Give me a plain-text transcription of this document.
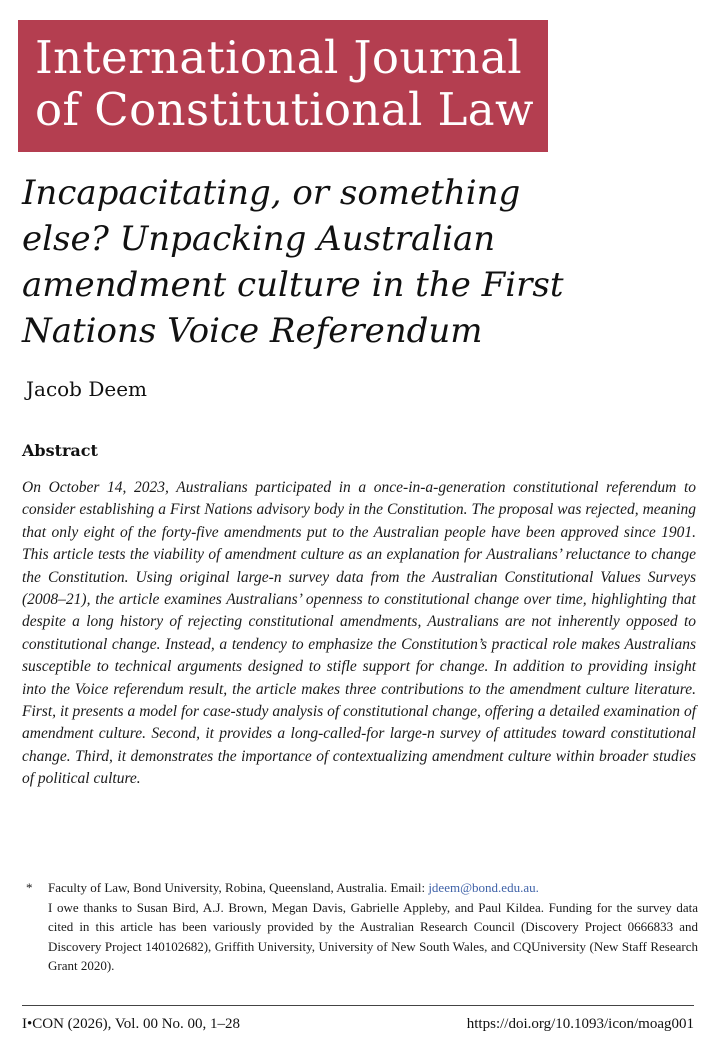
International Journal
of Constitutional Law
Incapacitating, or something else? Unpacking Australian amendment culture in the First Nations Voice Referendum
Jacob Deem
Abstract

On October 14, 2023, Australians participated in a once-in-a-generation constitutional referendum to consider establishing a First Nations advisory body in the Constitution. The proposal was rejected, meaning that only eight of the forty-five amendments put to the Australian people have been approved since 1901. This article tests the viability of amendment culture as an explanation for Australians’ reluctance to change the Constitution. Using original large-n survey data from the Australian Constitutional Values Surveys (2008–21), the article examines Australians’ openness to constitutional change over time, highlighting that despite a long history of rejecting constitutional amendments, Australians are not inherently opposed to constitutional change. Instead, a tendency to emphasize the Constitution’s practical role makes Australians susceptible to technical arguments designed to stifle support for change. In addition to providing insight into the Voice referendum result, the article makes three contributions to the amendment culture literature. First, it presents a model for case-study analysis of constitutional change, offering a detailed examination of amendment culture. Second, it provides a long-called-for large-n survey of attitudes toward constitutional change. Third, it demonstrates the importance of contextualizing amendment culture within broader studies of political culture.

* Faculty of Law, Bond University, Robina, Queensland, Australia. Email: jdeem@bond.edu.au.
I owe thanks to Susan Bird, A.J. Brown, Megan Davis, Gabrielle Appleby, and Paul Kildea. Funding for the survey data cited in this article has been variously provided by the Australian Research Council (Discovery Project 0666833 and Discovery Project 140102682), Griffith University, University of New South Wales, and CQUniversity (New Staff Research Grant 2020).
I•CON (2026), Vol. 00 No. 00, 1–28	https://doi.org/10.1093/icon/moag001
